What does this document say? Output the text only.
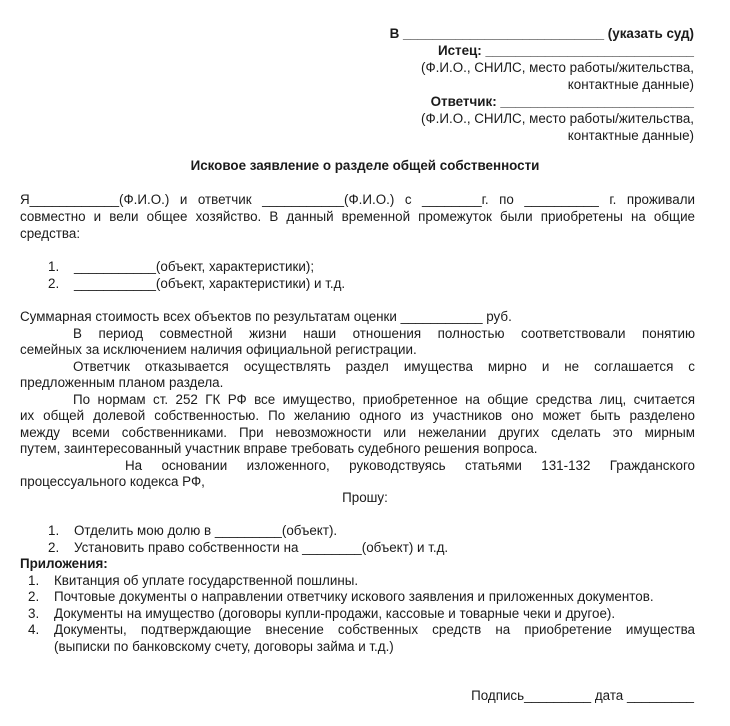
В ___________________________ (указать суд)
Истец: ____________________________
(Ф.И.О., СНИЛС, место работы/жительства,
контактные данные)
Ответчик: __________________________
(Ф.И.О., СНИЛС, место работы/жительства,
контактные данные)
Исковое заявление о разделе общей собственности
Я____________(Ф.И.О.) и ответчик ___________(Ф.И.О.) с ________г. по __________ г. проживали
совместно и вели общее хозяйство. В данный временной промежуток были приобретены на общие
средства:
1. ___________(объект, характеристики);
2. ___________(объект, характеристики) и т.д.
Суммарная стоимость всех объектов по результатам оценки ___________ руб.
В период совместной жизни наши отношения полностью соответствовали понятию
семейных за исключением наличия официальной регистрации.
Ответчик отказывается осуществлять раздел имущества мирно и не соглашается с
предложенным планом раздела.
По нормам ст. 252 ГК РФ все имущество, приобретенное на общие средства лиц, считается
их общей долевой собственностью. По желанию одного из участников оно может быть разделено
между всеми собственниками. При невозможности или нежелании других сделать это мирным
путем, заинтересованный участник вправе требовать судебного решения вопроса.
На основании изложенного, руководствуясь статьями 131-132 Гражданского
процессуального кодекса РФ,
Прошу:
1. Отделить мою долю в _________(объект).
2. Установить право собственности на ________(объект) и т.д.
Приложения:
1. Квитанция об уплате государственной пошлины.
2. Почтовые документы о направлении ответчику искового заявления и приложенных документов.
3. Документы на имущество (договоры купли-продажи, кассовые и товарные чеки и другое).
4. Документы, подтверждающие внесение собственных средств на приобретение имущества
(выписки по банковскому счету, договоры займа и т.д.)
Подпись_________ дата _________
